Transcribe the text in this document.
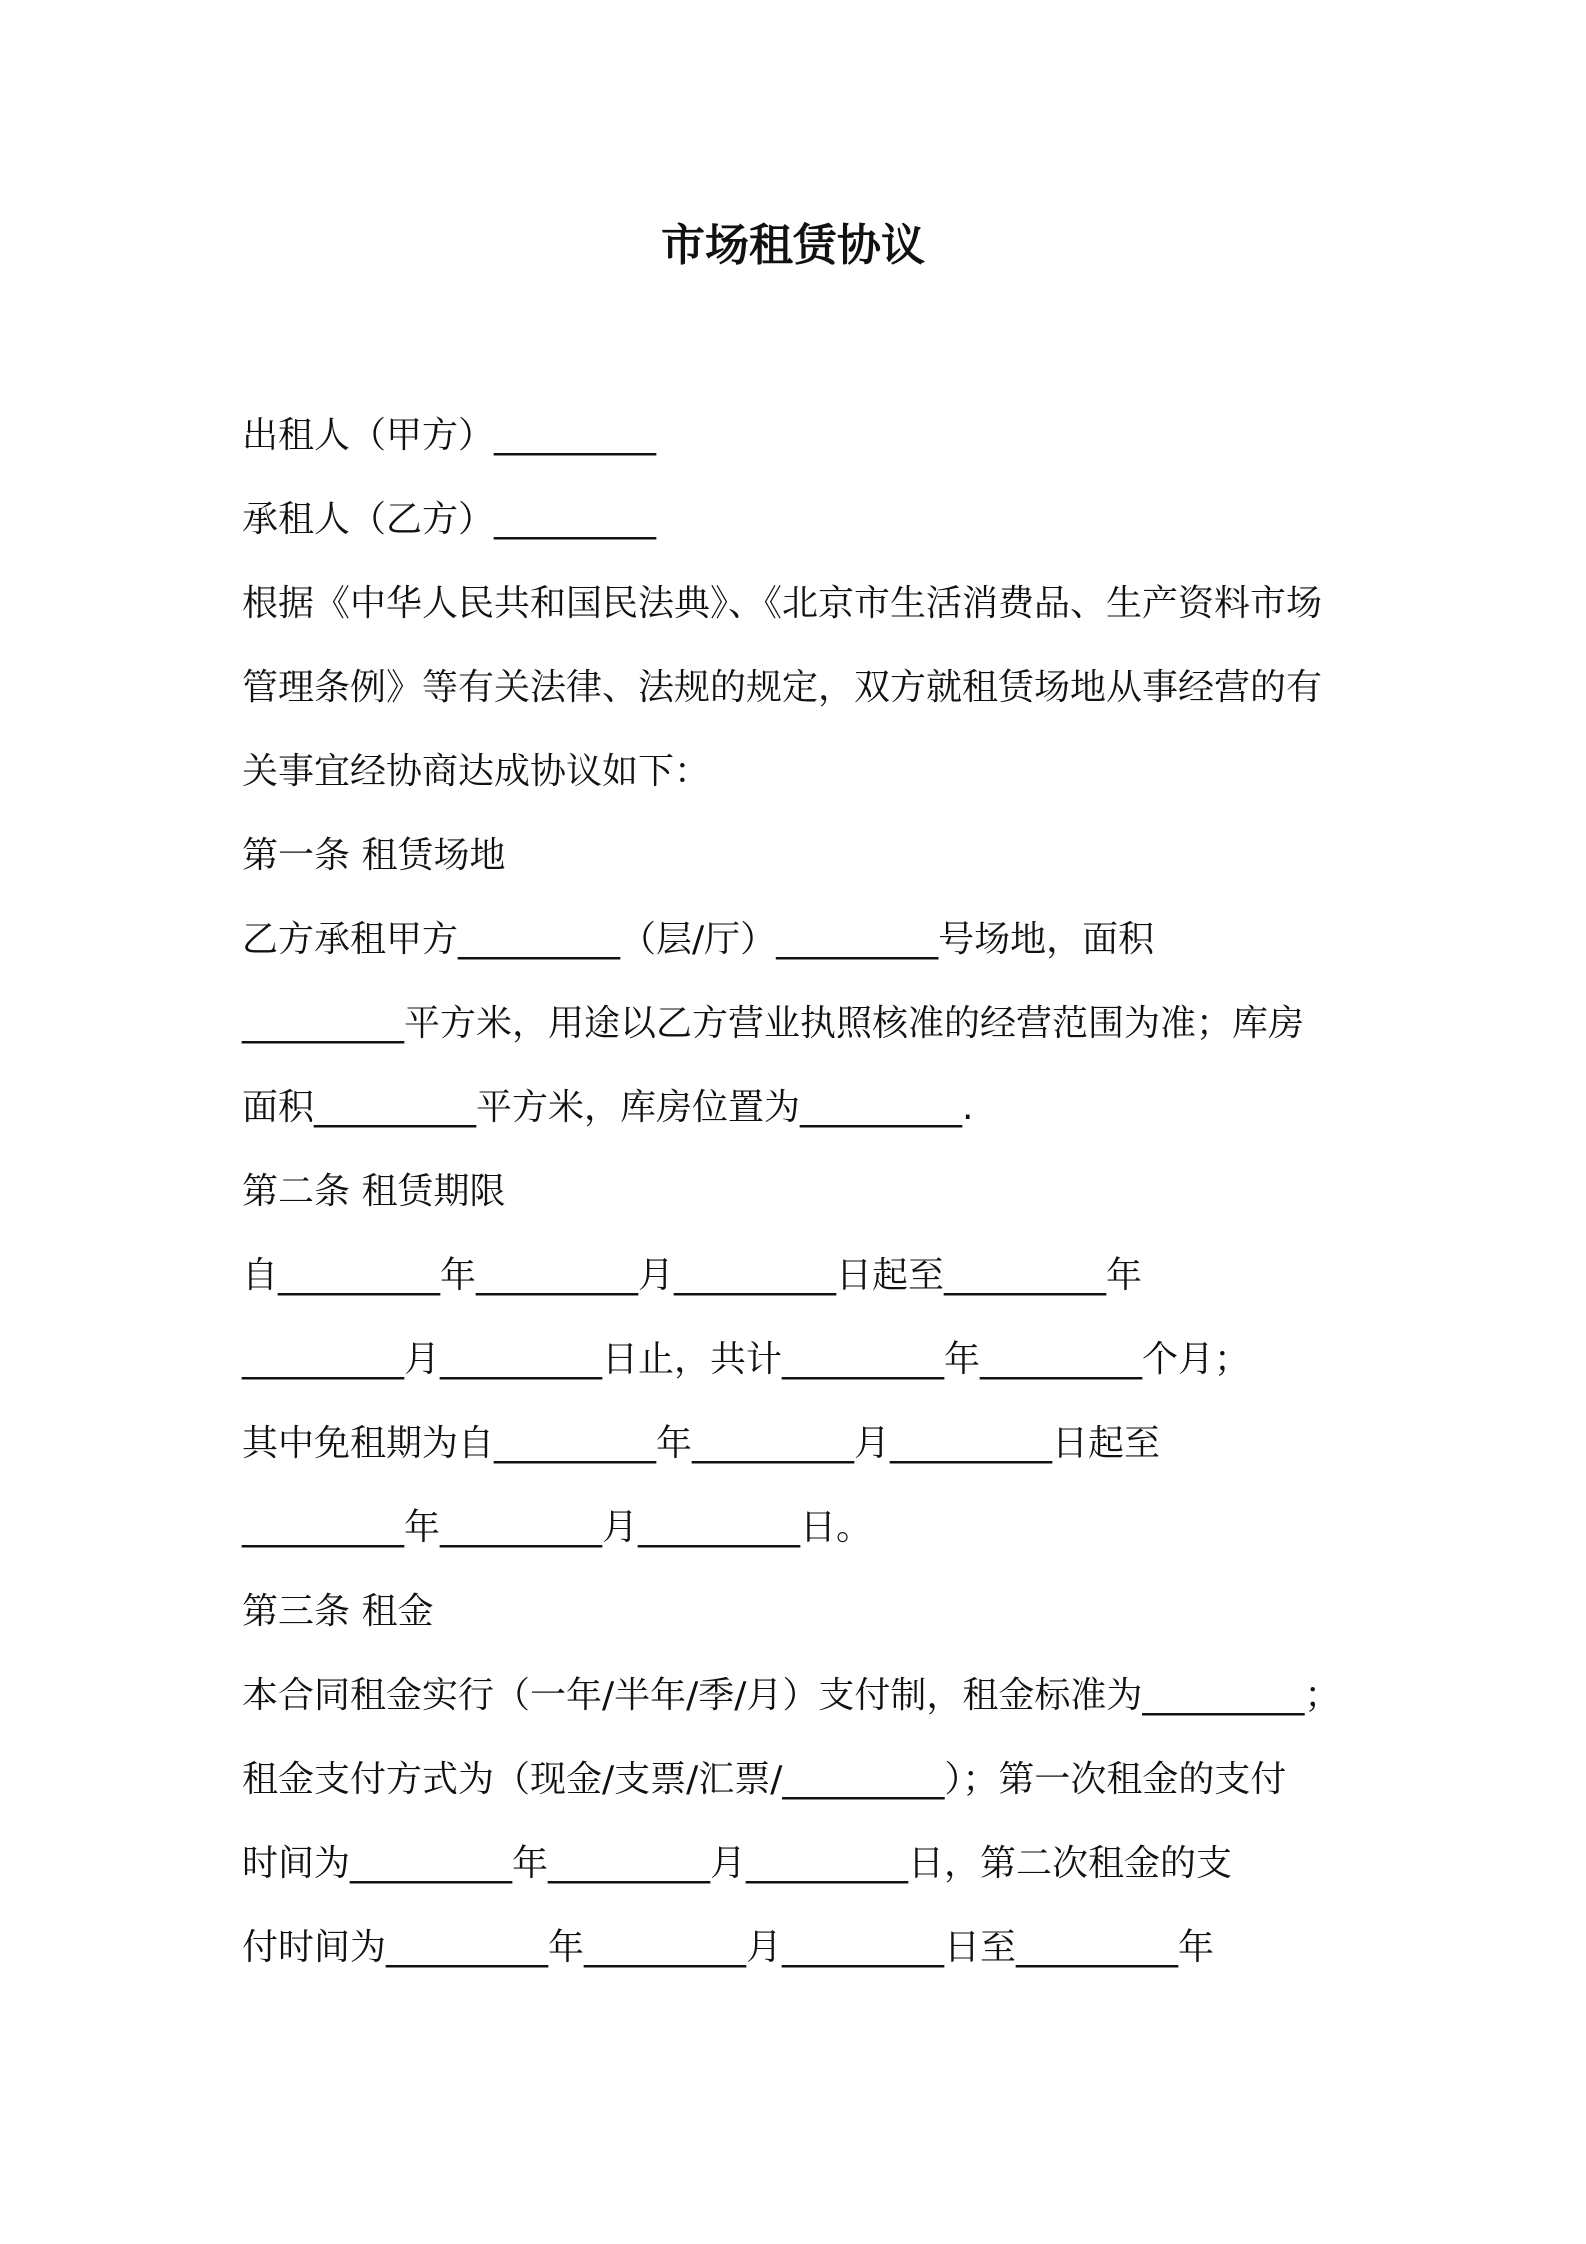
市场租赁协议
出租人（甲方）_________
承租人（乙方）_________
根据《中华人民共和国民法典》、《北京市生活消费品、生产资料市场
管理条例》等有关法律、法规的规定，双方就租赁场地从事经营的有
关事宜经协商达成协议如下：
第一条 租赁场地
乙方承租甲方_________（层/厅）_________号场地，面积
_________平方米，用途以乙方营业执照核准的经营范围为准；库房
面积_________平方米，库房位置为_________.
第二条 租赁期限
自_________年_________月_________日起至_________年
_________月_________日止，共计_________年_________个月；
其中免租期为自_________年_________月_________日起至
_________年_________月_________日。
第三条 租金
本合同租金实行（一年/半年/季/月）支付制，租金标准为_________；
租金支付方式为（现金/支票/汇票/_________）；第一次租金的支付
时间为_________年_________月_________日，第二次租金的支
付时间为_________年_________月_________日至_________年
